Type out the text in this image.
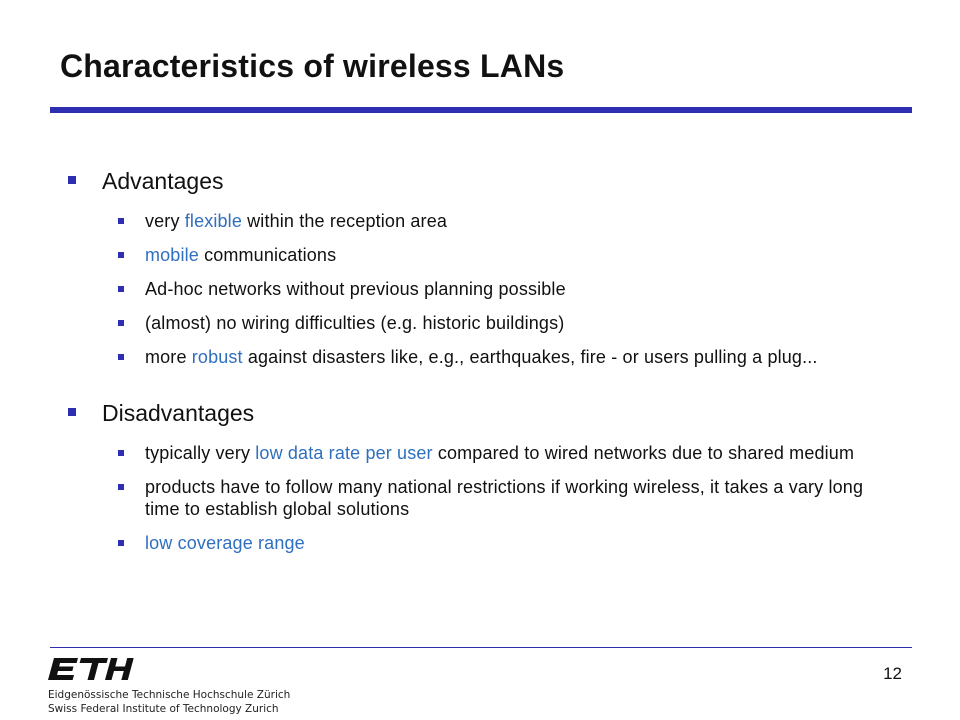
Characteristics of wireless LANs
Advantages
very flexible within the reception area
mobile communications
Ad-hoc networks without previous planning possible
(almost) no wiring difficulties (e.g. historic buildings)
more robust against disasters like, e.g., earthquakes, fire - or users pulling a plug...
Disadvantages
typically very low data rate per user compared to wired networks due to shared medium
products have to follow many national restrictions if working wireless, it takes a vary long time to establish global solutions
low coverage range
Eidgenössische Technische Hochschule Zürich
Swiss Federal Institute of Technology Zurich
12
